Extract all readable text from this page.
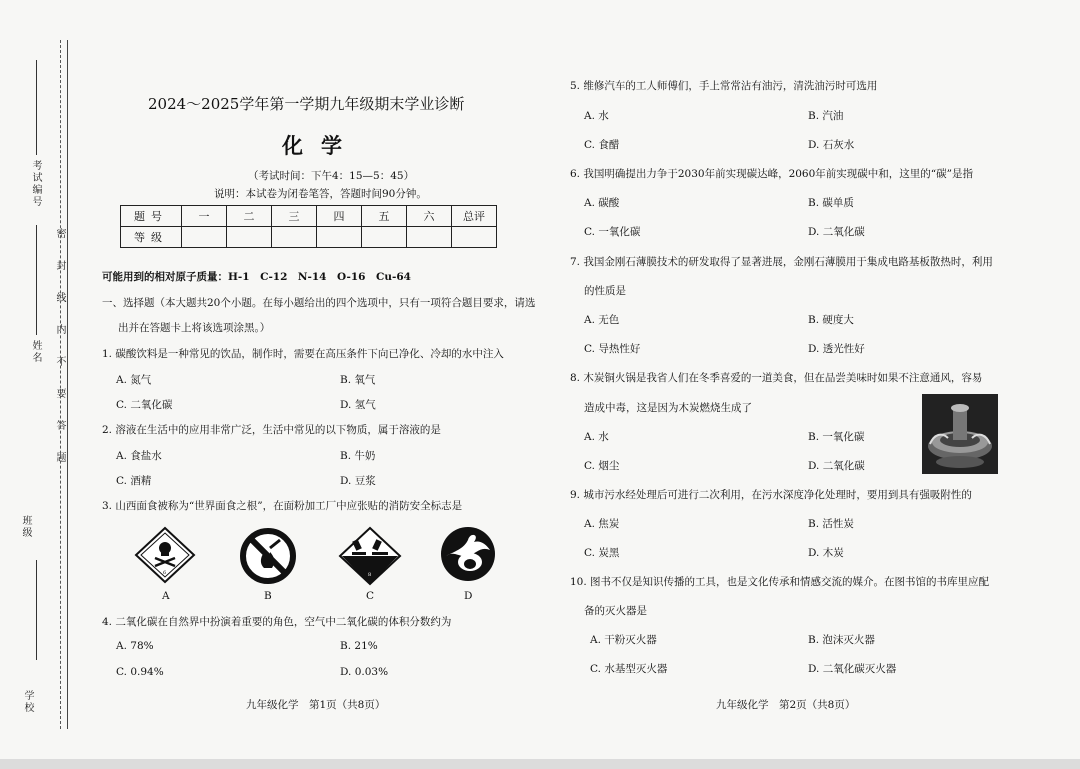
考试编号
姓名
班级
学校
密封线内不要答题
2024～2025学年第一学期九年级期末学业诊断
化学
（考试时间：下午4：15—5：45）
说明：本试卷为闭卷笔答，答题时间90分钟。
题号	一	二	三	四	五	六	总评
等级							
可能用到的相对原子质量：H-1　C-12　N-14　O-16　Cu-64
一、选择题（本大题共20个小题。在每小题给出的四个选项中，只有一项符合题目要求，请选
出并在答题卡上将该选项涂黑。）
1. 碳酸饮料是一种常见的饮品，制作时，需要在高压条件下向已净化、冷却的水中注入
A. 氮气	B. 氧气
C. 二氧化碳	D. 氢气
2. 溶液在生活中的应用非常广泛，生活中常见的以下物质，属于溶液的是
A. 食盐水	B. 牛奶
C. 酒精	D. 豆浆
3. 山西面食被称为“世界面食之根”，在面粉加工厂中应张贴的消防安全标志是
6
A	B
8
C	D
4. 二氧化碳在自然界中扮演着重要的角色，空气中二氧化碳的体积分数约为
A. 78%	B. 21%
C. 0.94%	D. 0.03%
九年级化学　第1页（共8页）
5. 维修汽车的工人师傅们，手上常常沾有油污，清洗油污时可选用
A. 水	B. 汽油
C. 食醋	D. 石灰水
6. 我国明确提出力争于2030年前实现碳达峰，2060年前实现碳中和，这里的“碳”是指
A. 碳酸	B. 碳单质
C. 一氧化碳	D. 二氧化碳
7. 我国金刚石薄膜技术的研发取得了显著进展，金刚石薄膜用于集成电路基板散热时，利用
的性质是
A. 无色	B. 硬度大
C. 导热性好	D. 透光性好
8. 木炭铜火锅是我省人们在冬季喜爱的一道美食，但在品尝美味时如果不注意通风，容易
造成中毒，这是因为木炭燃烧生成了
A. 水	B. 一氧化碳
C. 烟尘	D. 二氧化碳
9. 城市污水经处理后可进行二次利用，在污水深度净化处理时，要用到具有强吸附性的
A. 焦炭	B. 活性炭
C. 炭黑	D. 木炭
10. 图书不仅是知识传播的工具，也是文化传承和情感交流的媒介。在图书馆的书库里应配
备的灭火器是
A. 干粉灭火器	B. 泡沫灭火器
C. 水基型灭火器	D. 二氧化碳灭火器
九年级化学　第2页（共8页）
